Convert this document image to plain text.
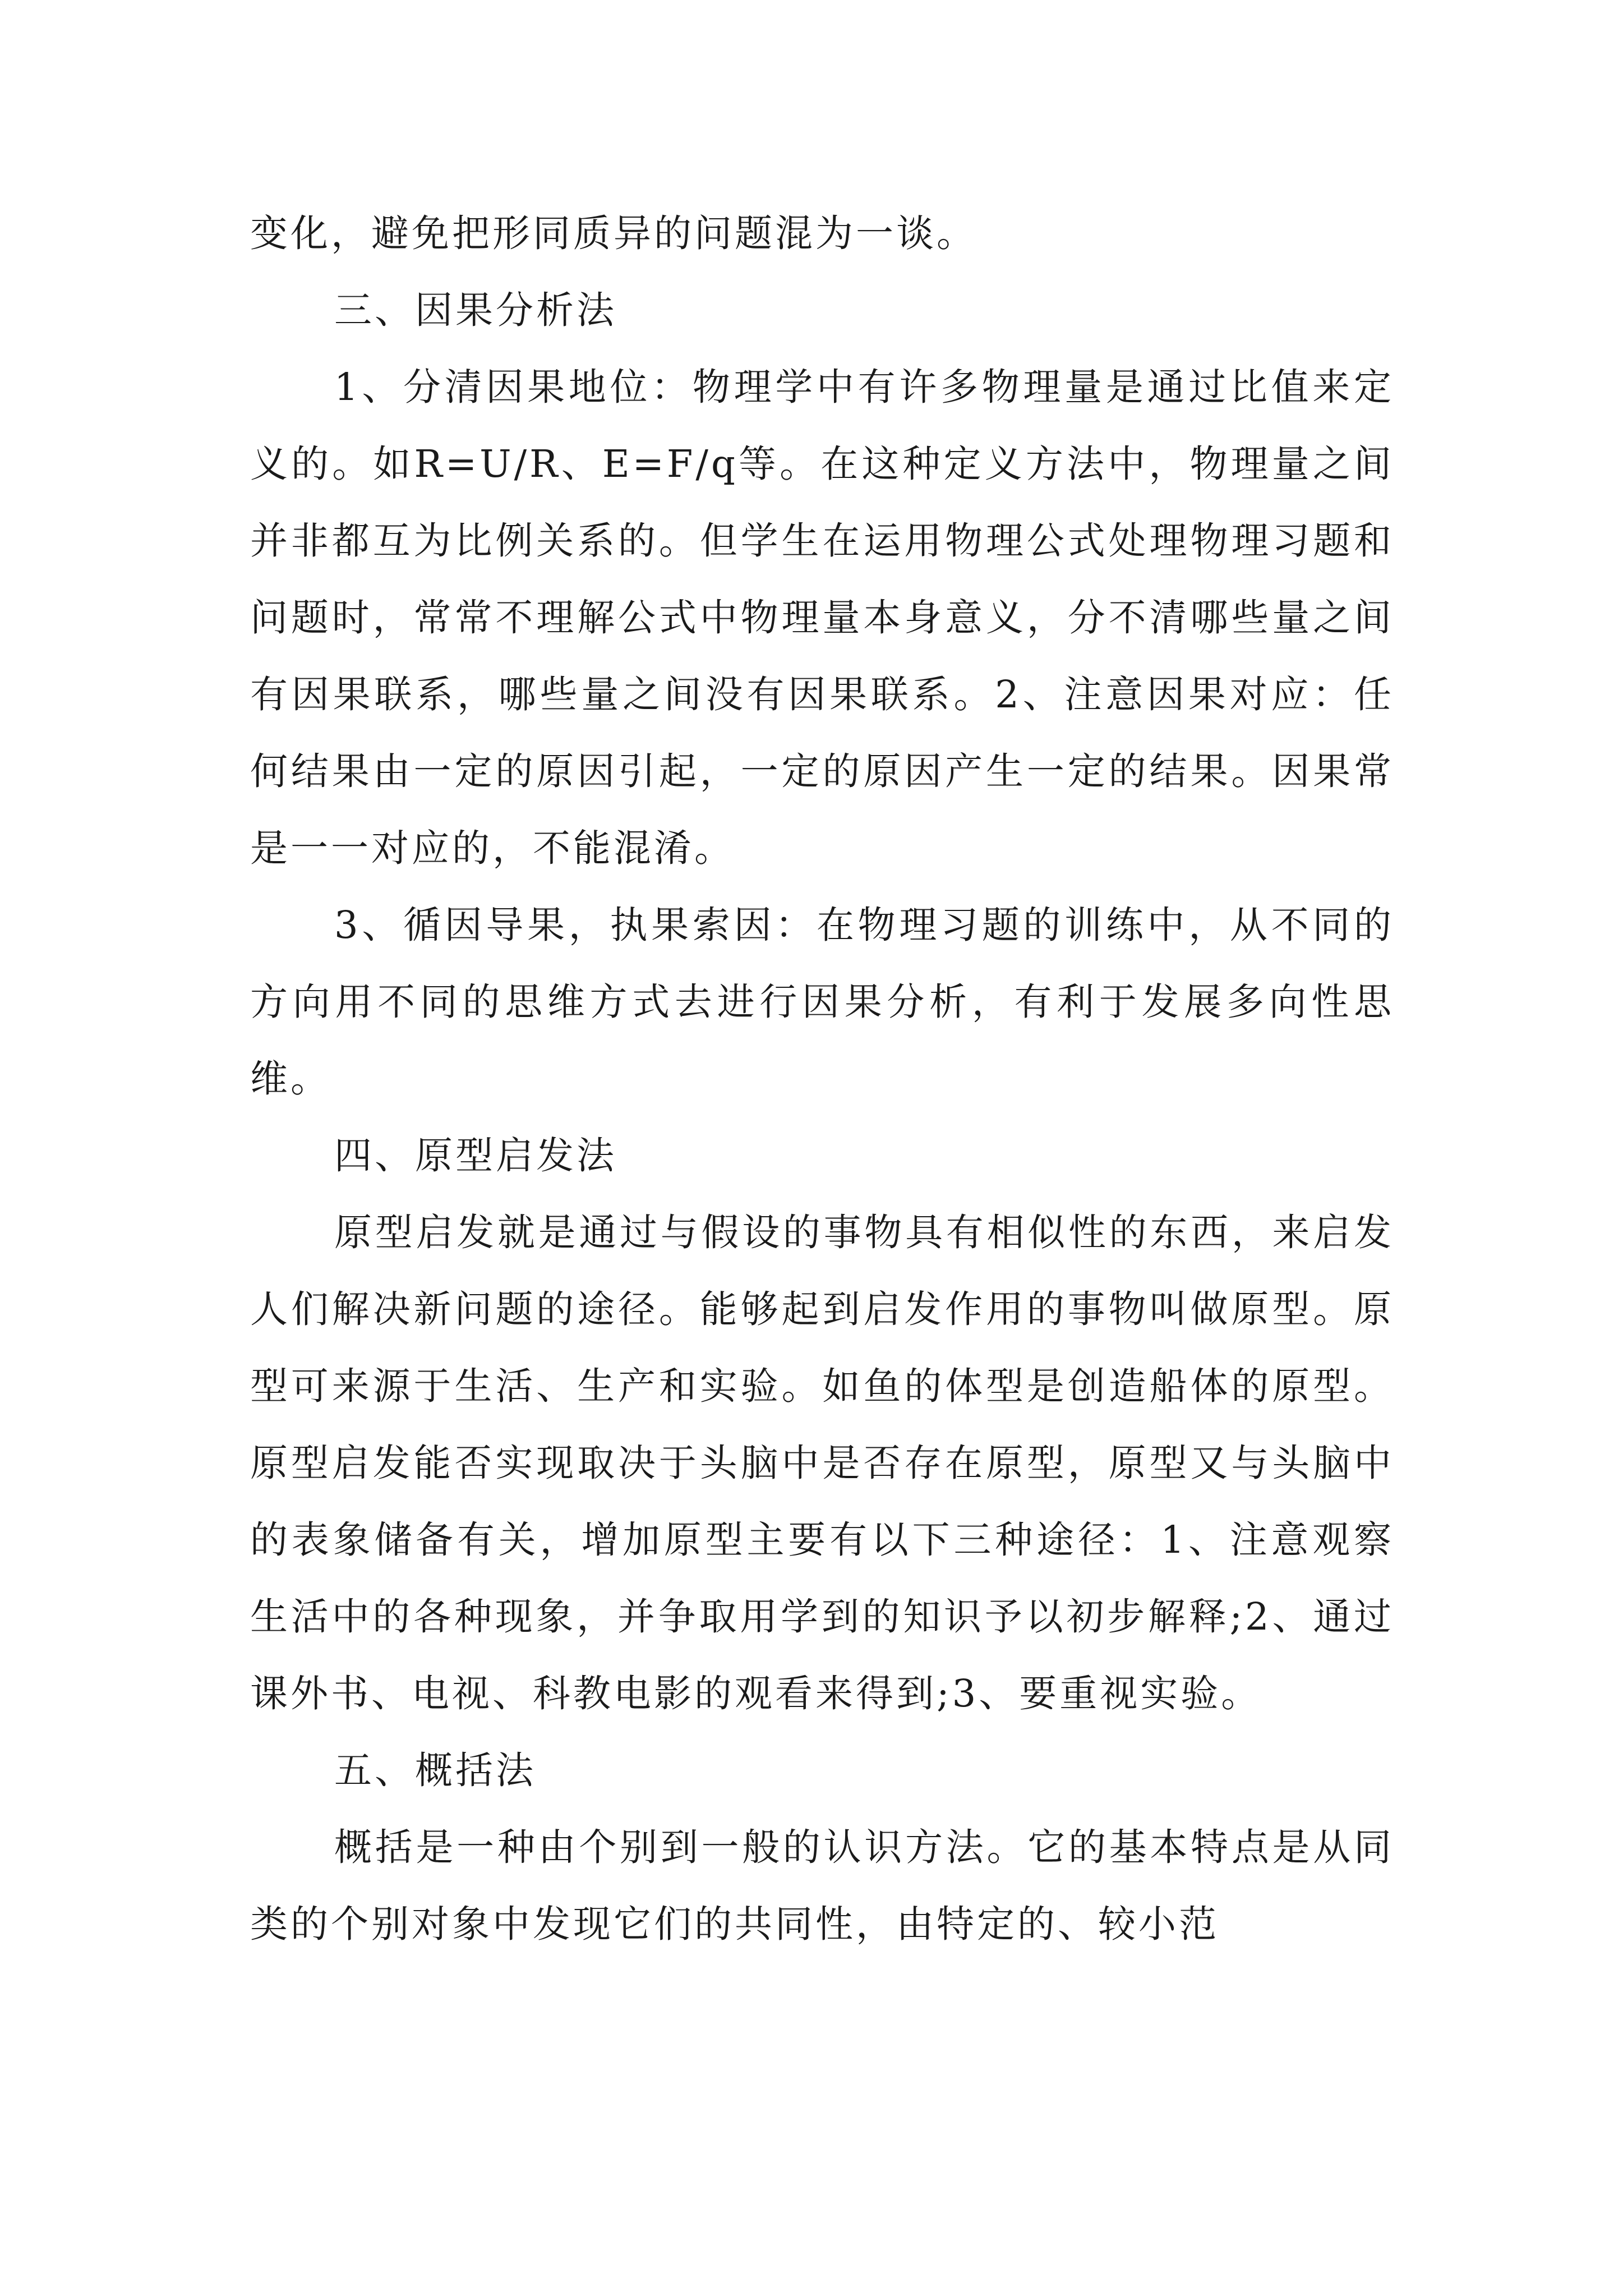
变化，避免把形同质异的问题混为一谈。

三、因果分析法

1、分清因果地位：物理学中有许多物理量是通过比值来定义的。如R=U/R、E=F/q等。在这种定义方法中，物理量之间并非都互为比例关系的。但学生在运用物理公式处理物理习题和问题时，常常不理解公式中物理量本身意义，分不清哪些量之间有因果联系，哪些量之间没有因果联系。2、注意因果对应：任何结果由一定的原因引起，一定的原因产生一定的结果。因果常是一一对应的，不能混淆。

3、循因导果，执果索因：在物理习题的训练中，从不同的方向用不同的思维方式去进行因果分析，有利于发展多向性思维。

四、原型启发法

原型启发就是通过与假设的事物具有相似性的东西，来启发人们解决新问题的途径。能够起到启发作用的事物叫做原型。原型可来源于生活、生产和实验。如鱼的体型是创造船体的原型。原型启发能否实现取决于头脑中是否存在原型，原型又与头脑中的表象储备有关，增加原型主要有以下三种途径：1、注意观察生活中的各种现象，并争取用学到的知识予以初步解释;2、通过课外书、电视、科教电影的观看来得到;3、要重视实验。

五、概括法

概括是一种由个别到一般的认识方法。它的基本特点是从同类的个别对象中发现它们的共同性，由特定的、较小范
